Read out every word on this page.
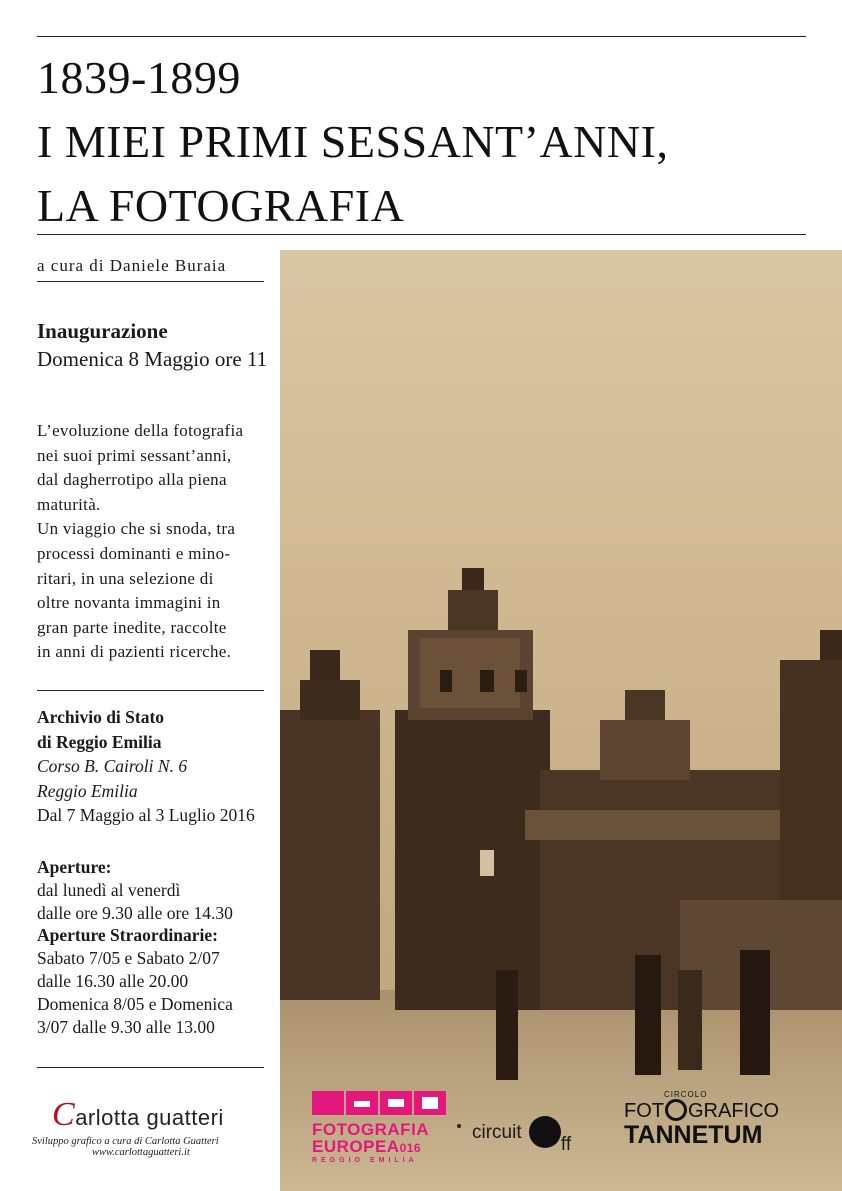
1839-1899
I MIEI PRIMI SESSANT’ANNI,
LA FOTOGRAFIA
a cura di Daniele Buraia
Inaugurazione
Domenica 8 Maggio ore 11
L’evoluzione della fotografia
nei suoi primi sessant’anni,
dal dagherrotipo alla piena
maturità.
Un viaggio che si snoda, tra
processi dominanti e mino-
ritari, in una selezione di
oltre novanta immagini in
gran parte inedite, raccolte
in anni di pazienti ricerche.
Archivio di Stato
di Reggio Emilia
Corso B. Cairoli N. 6
Reggio Emilia
Dal 7 Maggio al 3 Luglio 2016
Aperture:
dal lunedì al venerdì
dalle ore 9.30 alle ore 14.30
Aperture Straordinarie:
Sabato 7/05 e Sabato 2/07
dalle 16.30 alle 20.00
Domenica 8/05 e Domenica
3/07 dalle 9.30 alle 13.00
Carlotta guatteri
Sviluppo grafico a cura di Carlotta Guatteri
www.carlottaguatteri.it
FOTOGRAFIA
EUROPEA016
REGGIO EMILIA
circuit ff
CIRCOLO
FOT GRAFICO
TANNETUM
